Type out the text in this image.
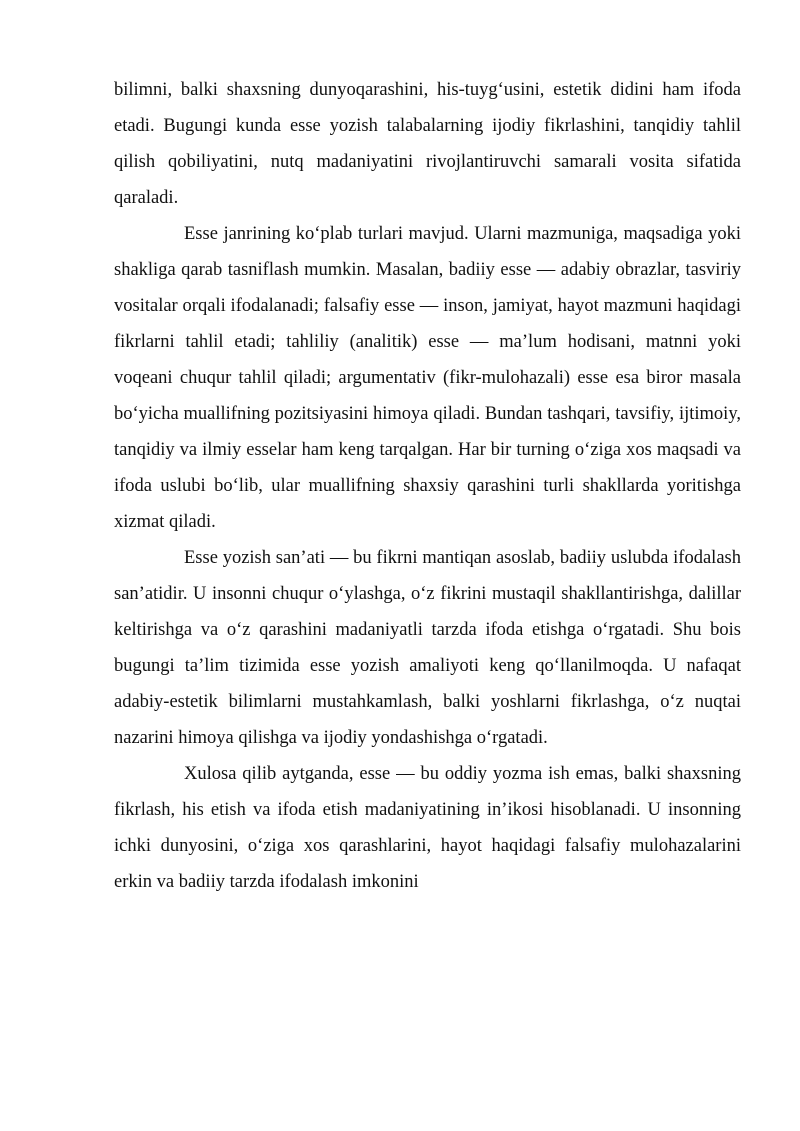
bilimni, balki shaxsning dunyoqarashini, his-tuyg‘usini, estetik didini ham ifoda etadi. Bugungi kunda esse yozish talabalarning ijodiy fikrlashini, tanqidiy tahlil qilish qobiliyatini, nutq madaniyatini rivojlantiruvchi samarali vosita sifatida qaraladi.

Esse janrining ko‘plab turlari mavjud. Ularni mazmuniga, maqsadiga yoki shakliga qarab tasniflash mumkin. Masalan, badiiy esse — adabiy obrazlar, tasviriy vositalar orqali ifodalanadi; falsafiy esse — inson, jamiyat, hayot mazmuni haqidagi fikrlarni tahlil etadi; tahliliy (analitik) esse — ma’lum hodisani, matnni yoki voqeani chuqur tahlil qiladi; argumentativ (fikr-mulohazali) esse esa biror masala bo‘yicha muallifning pozitsiyasini himoya qiladi. Bundan tashqari, tavsifiy, ijtimoiy, tanqidiy va ilmiy esselar ham keng tarqalgan. Har bir turning o‘ziga xos maqsadi va ifoda uslubi bo‘lib, ular muallifning shaxsiy qarashini turli shakllarda yoritishga xizmat qiladi.

Esse yozish san’ati — bu fikrni mantiqan asoslab, badiiy uslubda ifodalash san’atidir. U insonni chuqur o‘ylashga, o‘z fikrini mustaqil shakllantirishga, dalillar keltirishga va o‘z qarashini madaniyatli tarzda ifoda etishga o‘rgatadi. Shu bois bugungi ta’lim tizimida esse yozish amaliyoti keng qo‘llanilmoqda. U nafaqat adabiy-estetik bilimlarni mustahkamlash, balki yoshlarni fikrlashga, o‘z nuqtai nazarini himoya qilishga va ijodiy yondashishga o‘rgatadi.

Xulosa qilib aytganda, esse — bu oddiy yozma ish emas, balki shaxsning fikrlash, his etish va ifoda etish madaniyatining in’ikosi hisoblanadi. U insonning ichki dunyosini, o‘ziga xos qarashlarini, hayot haqidagi falsafiy mulohazalarini erkin va badiiy tarzda ifodalash imkonini
